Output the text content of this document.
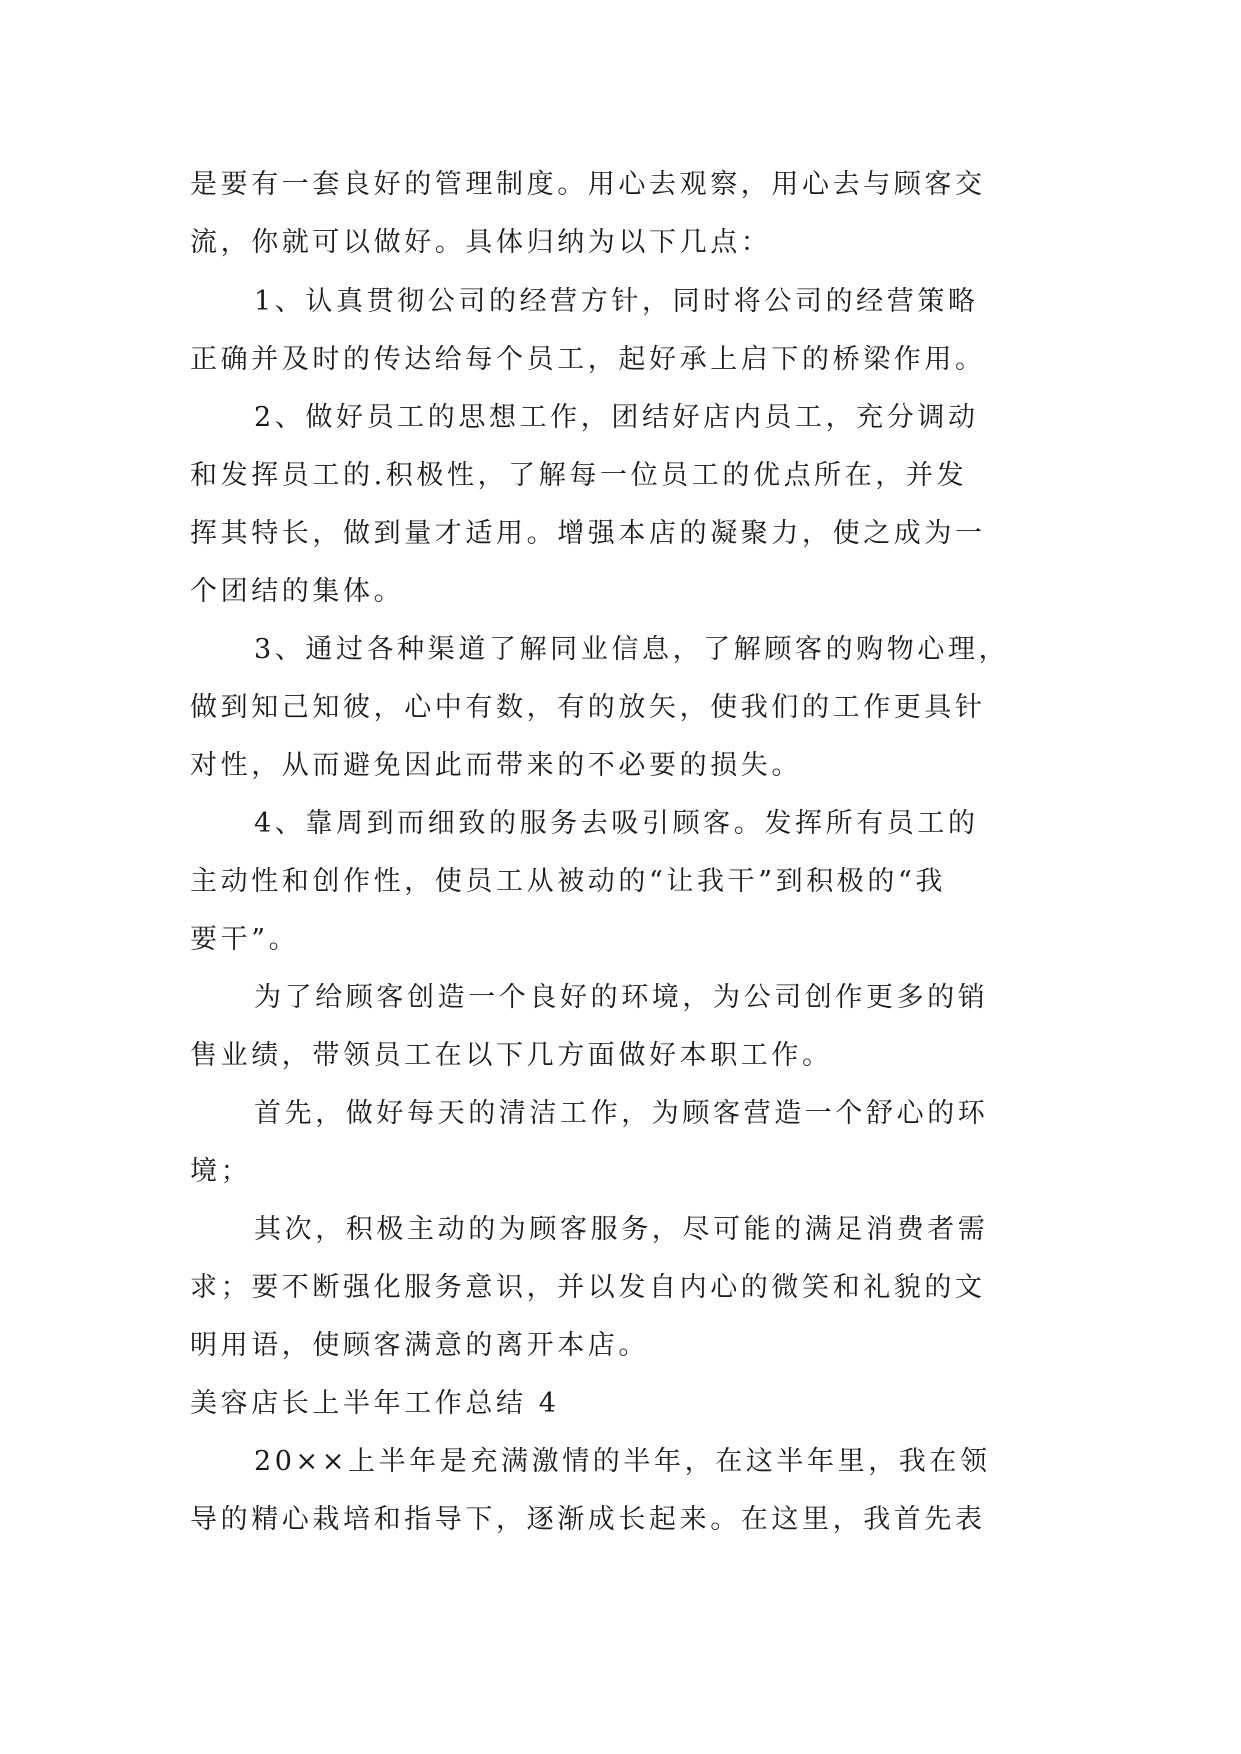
是要有一套良好的管理制度。用心去观察，用心去与顾客交
流，你就可以做好。具体归纳为以下几点：
1、认真贯彻公司的经营方针，同时将公司的经营策略
正确并及时的传达给每个员工，起好承上启下的桥梁作用。
2、做好员工的思想工作，团结好店内员工，充分调动
和发挥员工的.积极性，了解每一位员工的优点所在，并发
挥其特长，做到量才适用。增强本店的凝聚力，使之成为一
个团结的集体。
3、通过各种渠道了解同业信息，了解顾客的购物心理，
做到知己知彼，心中有数，有的放矢，使我们的工作更具针
对性，从而避免因此而带来的不必要的损失。
4、靠周到而细致的服务去吸引顾客。发挥所有员工的
主动性和创作性，使员工从被动的“让我干”到积极的“我
要干”。
为了给顾客创造一个良好的环境，为公司创作更多的销
售业绩，带领员工在以下几方面做好本职工作。
首先，做好每天的清洁工作，为顾客营造一个舒心的环
境；
其次，积极主动的为顾客服务，尽可能的满足消费者需
求；要不断强化服务意识，并以发自内心的微笑和礼貌的文
明用语，使顾客满意的离开本店。
美容店长上半年工作总结 4
20××上半年是充满激情的半年，在这半年里，我在领
导的精心栽培和指导下，逐渐成长起来。在这里，我首先表
